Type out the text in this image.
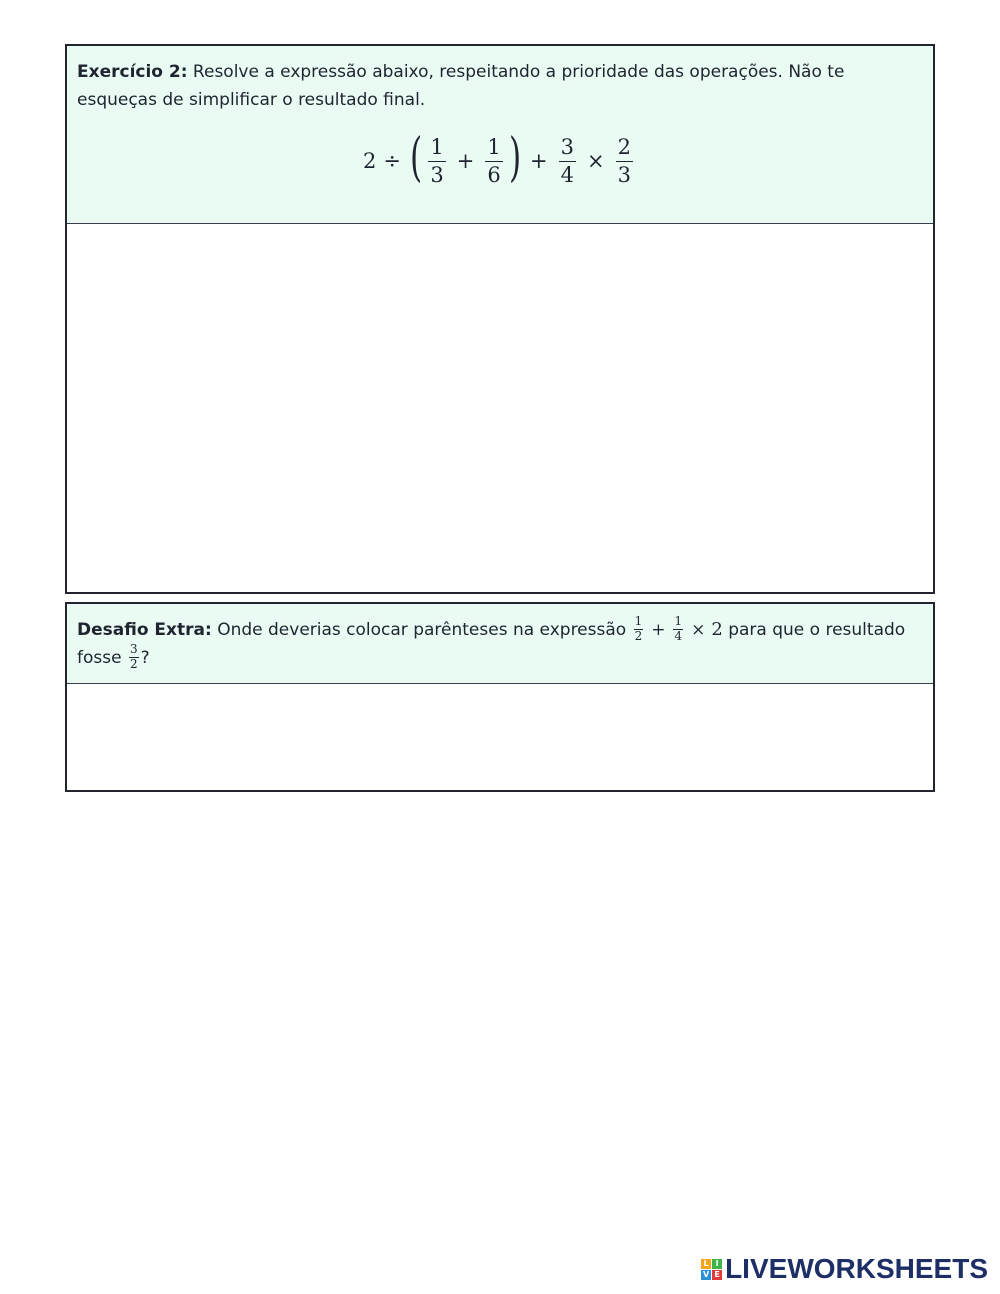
Exercício 2: Resolve a expressão abaixo, respeitando a prioridade das operações. Não te esqueças de simplificar o resultado final.
2 ÷ ( $\frac{1}{3} + \frac{1}{6}$ ) + $\frac{3}{4} \times \frac{2}{3}$
Desafio Extra: Onde deverias colocar parênteses na expressão $\frac{1}{2} + \frac{1}{4} \times 2$ para que o resultado fosse $\frac{3}{2}$ ?
L I
V E LIVEWORKSHEETS
